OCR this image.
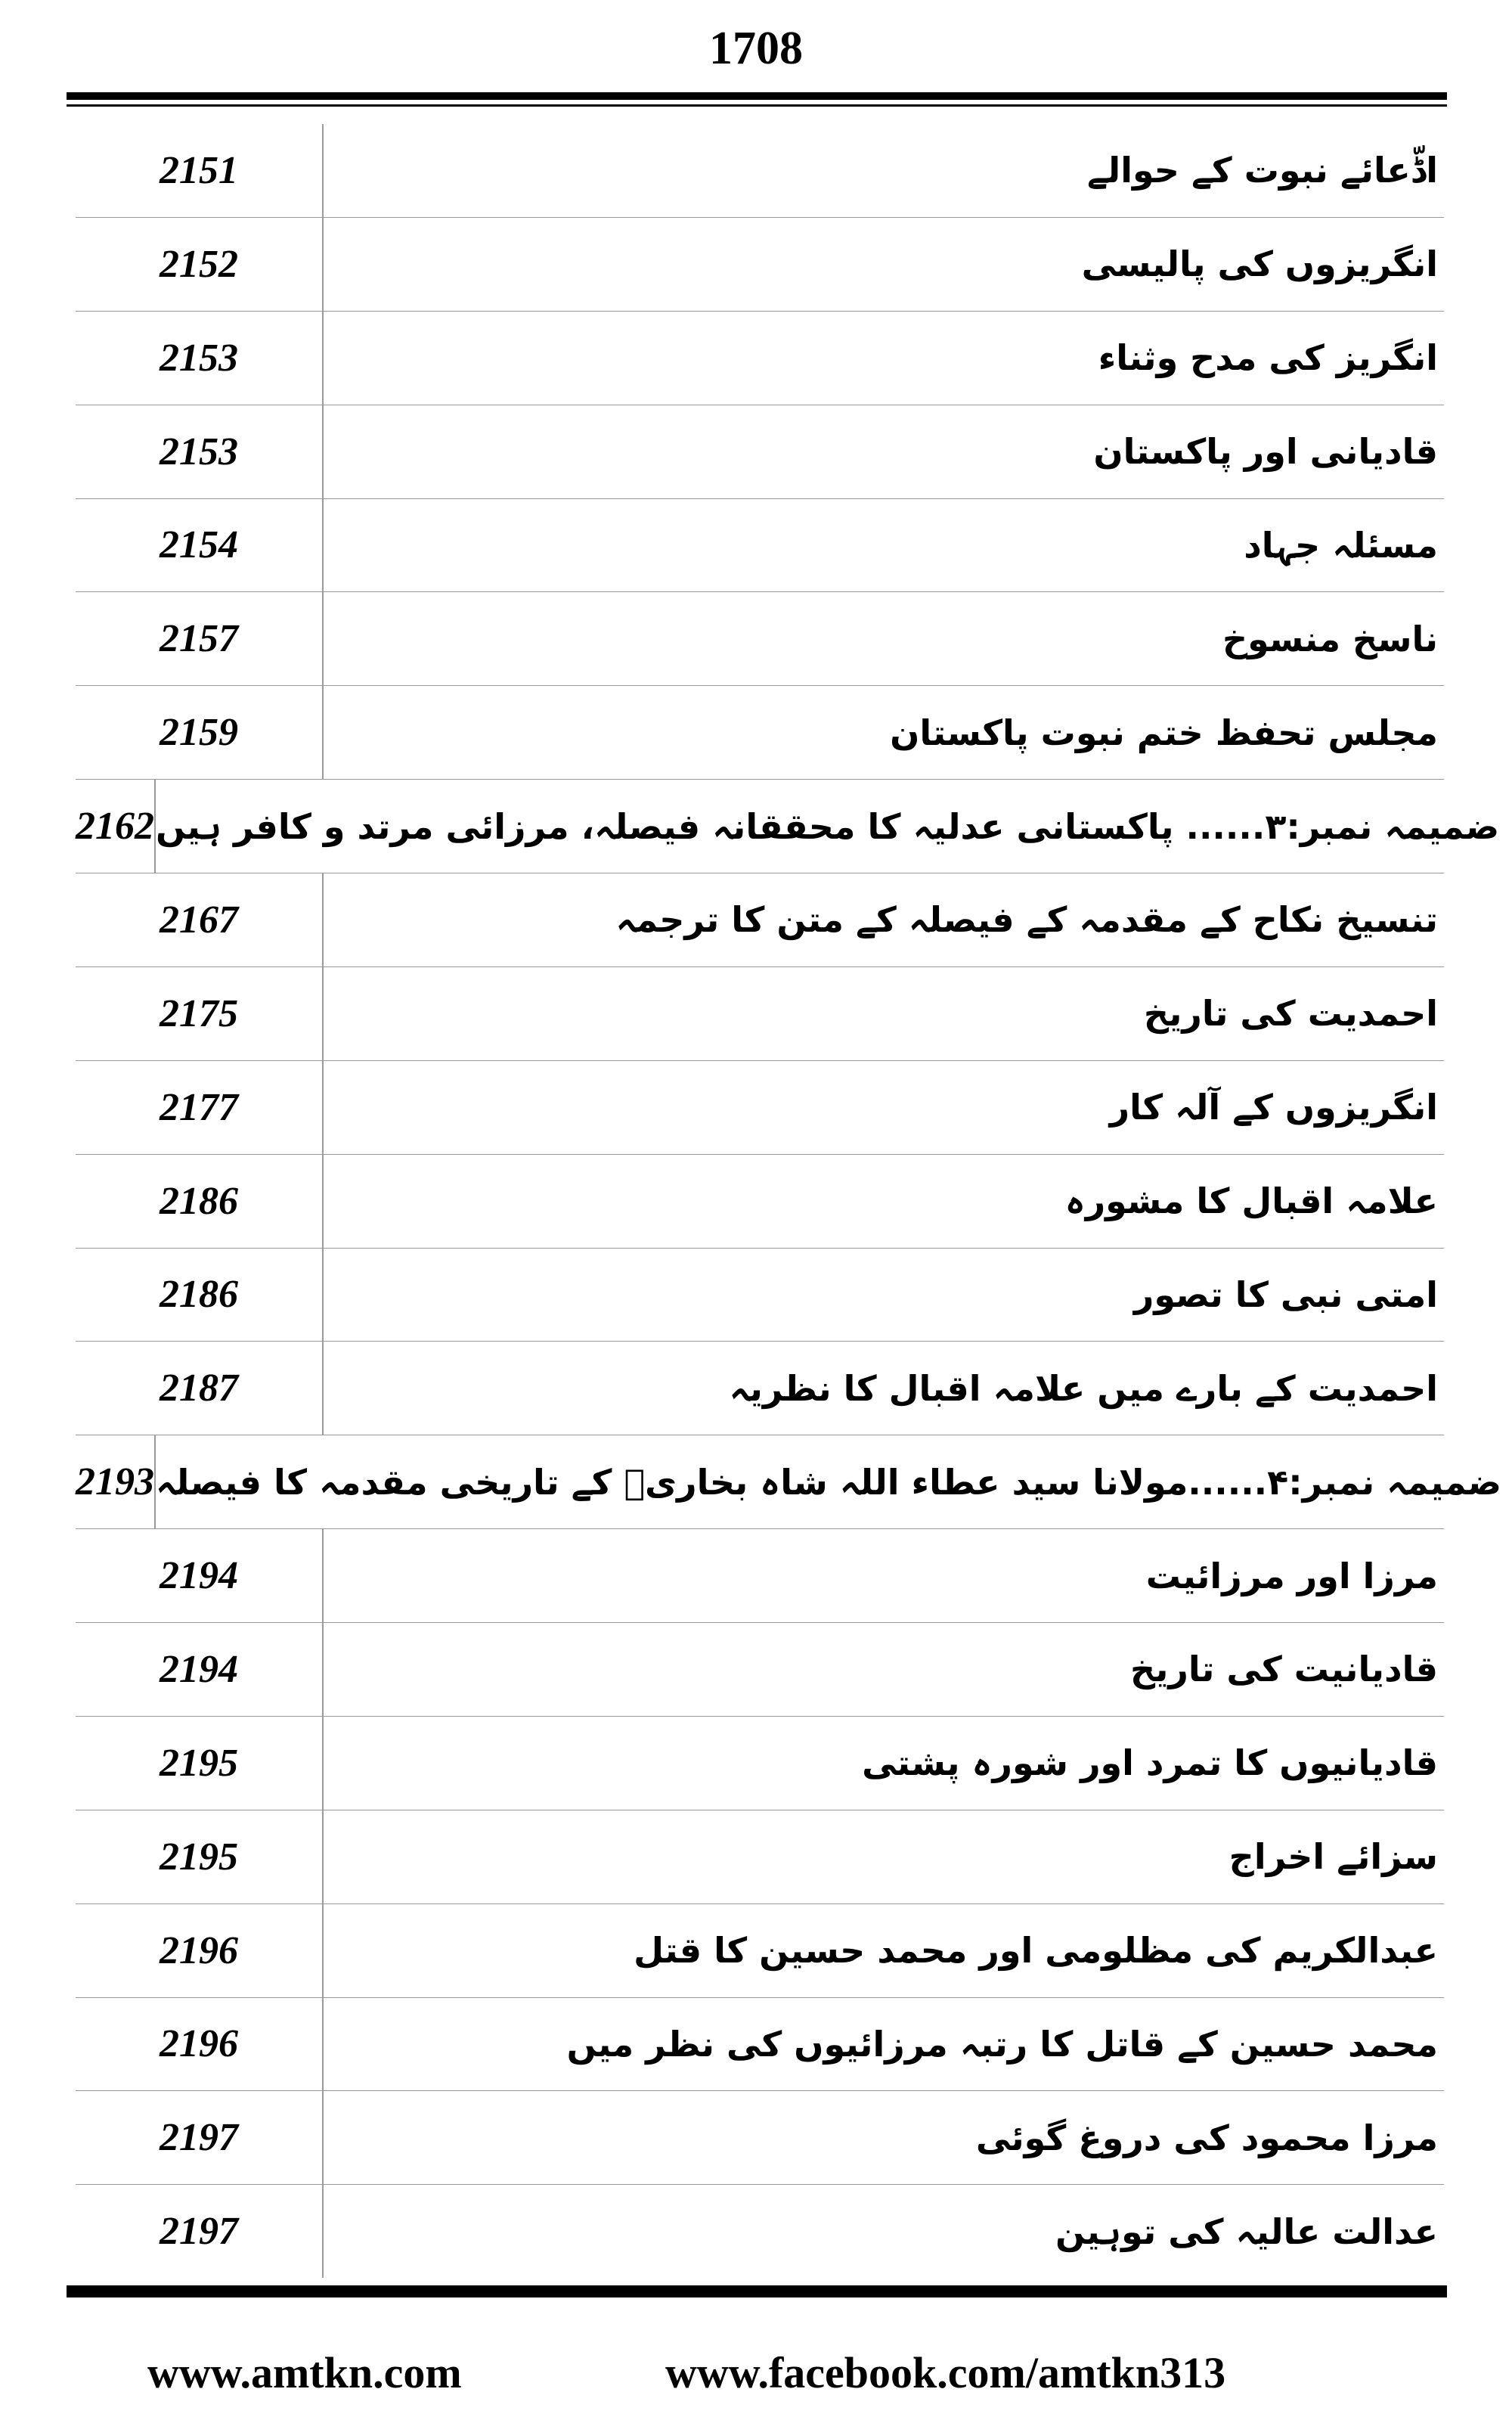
1708
2151	اڈّعائے نبوت کے حوالے
2152	انگریزوں کی پالیسی
2153	انگریز کی مدح وثناء
2153	قادیانی اور پاکستان
2154	مسئلہ جہاد
2157	ناسخ منسوخ
2159	مجلس تحفظ ختم نبوت پاکستان
2162 ضمیمہ نمبر:۳...... پاکستانی عدلیہ کا محققانہ فیصلہ، مرزائی مرتد و کافر ہیں
2167	تنسیخ نکاح کے مقدمہ کے فیصلہ کے متن کا ترجمہ
2175	احمدیت کی تاریخ
2177	انگریزوں کے آلہ کار
2186	علامہ اقبال کا مشورہ
2186	امتی نبی کا تصور
2187	احمدیت کے بارے میں علامہ اقبال کا نظریہ
2193 ضمیمہ نمبر:۴......مولانا سید عطاء اللہ شاہ بخاریؒ کے تاریخی مقدمہ کا فیصلہ
2194	مرزا اور مرزائیت
2194	قادیانیت کی تاریخ
2195	قادیانیوں کا تمرد اور شورہ پشتی
2195	سزائے اخراج
2196	عبدالکریم کی مظلومی اور محمد حسین کا قتل
2196	محمد حسین کے قاتل کا رتبہ مرزائیوں کی نظر میں
2197	مرزا محمود کی دروغ گوئی
2197	عدالت عالیہ کی توہین
www.amtkn.com	www.facebook.com/amtkn313
